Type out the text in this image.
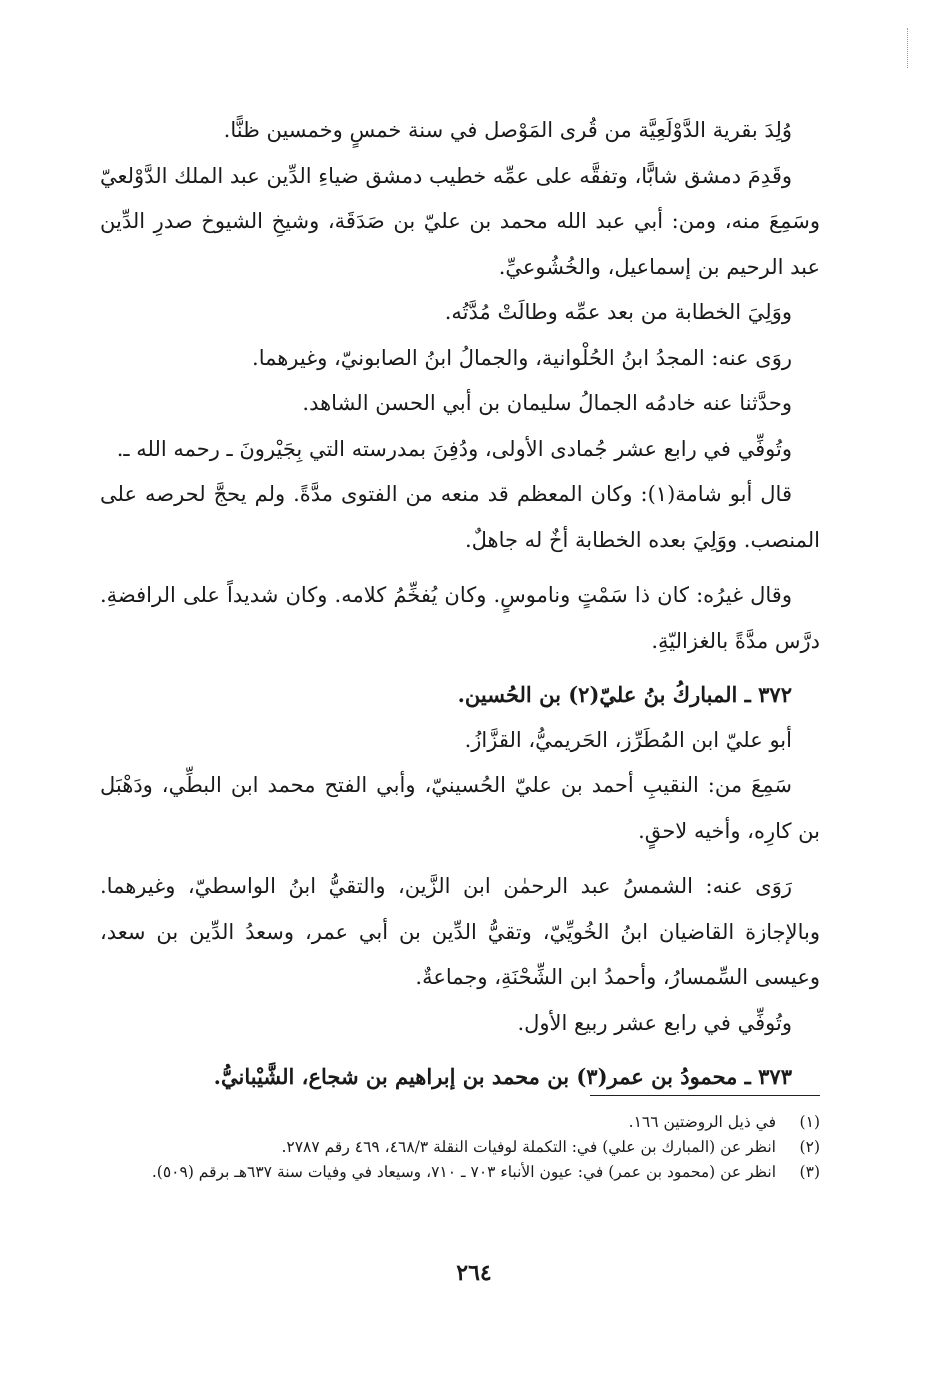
وُلِدَ بقرية الدَّوْلَعِيَّة من قُرى المَوْصل في سنة خمسٍ وخمسين ظنًّا.

وقَدِمَ دمشق شابًّا، وتفقَّه على عمِّه خطيب دمشق ضياءِ الدِّين عبد الملك الدَّوْلعيّ وسَمِعَ منه، ومن: أبي عبد الله محمد بن عليّ بن صَدَقَة، وشيخِ الشيوخ صدرِ الدِّين عبد الرحيم بن إسماعيل، والخُشُوعيِّ.

ووَلِيَ الخطابة من بعد عمِّه وطالَتْ مُدَّتُه.

روَى عنه: المجدُ ابنُ الحُلْوانية، والجمالُ ابنُ الصابونيّ، وغيرهما.

وحدَّثنا عنه خادمُه الجمالُ سليمان بن أبي الحسن الشاهد.

وتُوفِّي في رابع عشر جُمادى الأولى، ودُفِنَ بمدرسته التي بِجَيْرونَ ـ رحمه الله ـ.

قال أبو شامة(١): وكان المعظم قد منعه من الفتوى مدَّةً. ولم يحجَّ لحرصه على المنصب. ووَلِيَ بعده الخطابة أخٌ له جاهلٌ.

وقال غيرُه: كان ذا سَمْتٍ وناموسٍ. وكان يُفخِّمُ كلامه. وكان شديداً على الرافضةِ. درَّس مدَّةً بالغزاليّةِ.

٣٧٢ ـ المباركُ بنُ عليّ(٢) بن الحُسين.

أبو عليّ ابن المُطَرِّز، الحَريميُّ، القزَّازُ.

سَمِعَ من: النقيبِ أحمد بن عليّ الحُسينيّ، وأبي الفتح محمد ابن البطِّي، ودَهْبَل بن كارِه، وأخيه لاحقٍ.

رَوَى عنه: الشمسُ عبد الرحمٰن ابن الزَّين، والتقيُّ ابنُ الواسطيّ، وغيرهما. وبالإجازة القاضيان ابنُ الخُويِّيّ، وتقيُّ الدِّين بن أبي عمر، وسعدُ الدِّين بن سعد، وعيسى السِّمسارُ، وأحمدُ ابن الشِّحْنَةِ، وجماعةٌ.

وتُوفِّي في رابع عشر ربيع الأول.

٣٧٣ ـ محمودُ بن عمر(٣) بن محمد بن إبراهيم بن شجاع، الشَّيْبانيُّ.

(١)
في ذيل الروضتين ١٦٦.
(٢)
انظر عن (المبارك بن علي) في: التكملة لوفيات النقلة ٤٦٨/٣، ٤٦٩ رقم ٢٧٨٧.
(٣)
انظر عن (محمود بن عمر) في: عيون الأنباء ٧٠٣ ـ ٧١٠، وسيعاد في وفيات سنة ٦٣٧هـ برقم (٥٠٩).
٢٦٤
